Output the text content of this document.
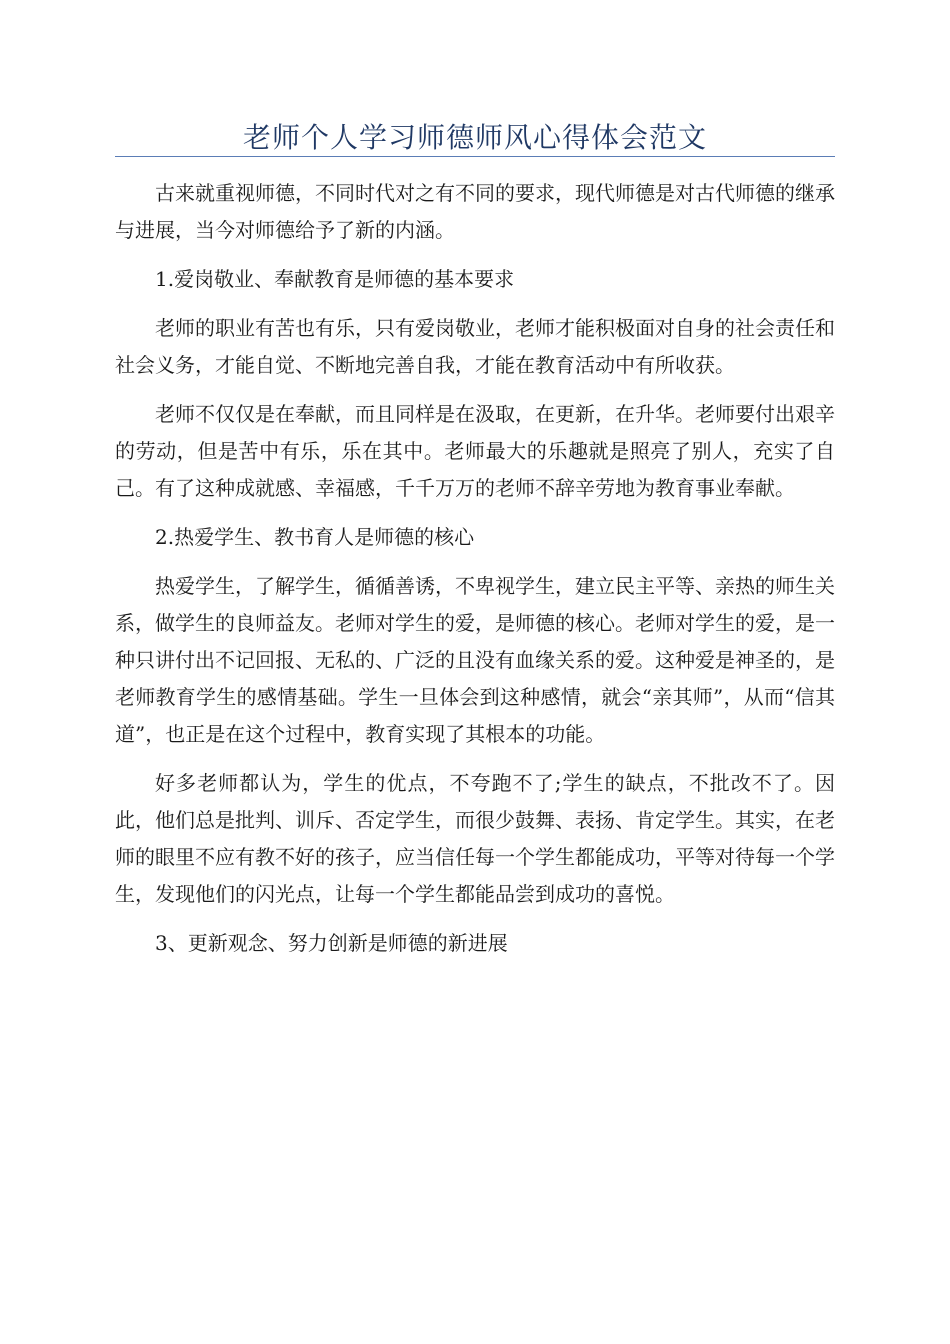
老师个人学习师德师风心得体会范文

古来就重视师德，不同时代对之有不同的要求，现代师德是对古代师德的继承与进展，当今对师德给予了新的内涵。

1.爱岗敬业、奉献教育是师德的基本要求

老师的职业有苦也有乐，只有爱岗敬业，老师才能积极面对自身的社会责任和社会义务，才能自觉、不断地完善自我，才能在教育活动中有所收获。

老师不仅仅是在奉献，而且同样是在汲取，在更新，在升华。老师要付出艰辛的劳动，但是苦中有乐，乐在其中。老师最大的乐趣就是照亮了别人，充实了自己。有了这种成就感、幸福感，千千万万的老师不辞辛劳地为教育事业奉献。

2.热爱学生、教书育人是师德的核心

热爱学生，了解学生，循循善诱，不卑视学生，建立民主平等、亲热的师生关系，做学生的良师益友。老师对学生的爱，是师德的核心。老师对学生的爱，是一种只讲付出不记回报、无私的、广泛的且没有血缘关系的爱。这种爱是神圣的，是老师教育学生的感情基础。学生一旦体会到这种感情，就会“亲其师”，从而“信其道”，也正是在这个过程中，教育实现了其根本的功能。

好多老师都认为，学生的优点，不夸跑不了;学生的缺点，不批改不了。因此，他们总是批判、训斥、否定学生，而很少鼓舞、表扬、肯定学生。其实，在老师的眼里不应有教不好的孩子，应当信任每一个学生都能成功，平等对待每一个学生，发现他们的闪光点，让每一个学生都能品尝到成功的喜悦。

3、更新观念、努力创新是师德的新进展
